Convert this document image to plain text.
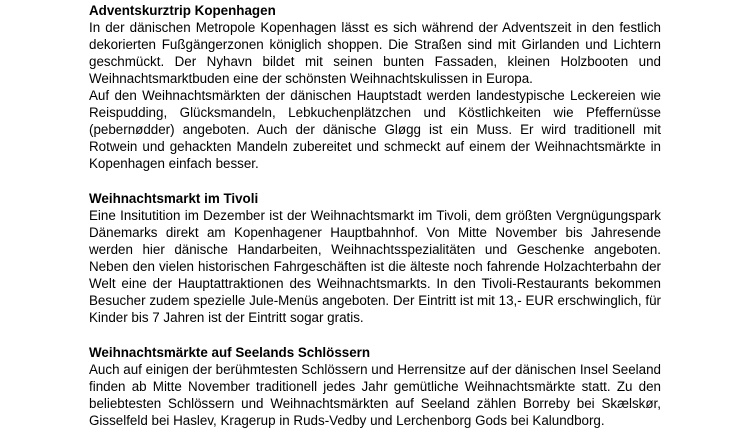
Adventskurztrip Kopenhagen

In der dänischen Metropole Kopenhagen lässt es sich während der Adventszeit in den festlich dekorierten Fußgängerzonen königlich shoppen. Die Straßen sind mit Girlanden und Lichtern geschmückt. Der Nyhavn bildet mit seinen bunten Fassaden, kleinen Holzbooten und Weihnachtsmarktbuden eine der schönsten Weihnachtskulissen in Europa.

Auf den Weihnachtsmärkten der dänischen Hauptstadt werden landestypische Leckereien wie Reispudding, Glücksmandeln, Lebkuchenplätzchen und Köstlichkeiten wie Pfeffernüsse (pebernødder) angeboten. Auch der dänische Gløgg ist ein Muss. Er wird traditionell mit Rotwein und gehackten Mandeln zubereitet und schmeckt auf einem der Weihnachtsmärkte in Kopenhagen einfach besser.

Weihnachtsmarkt im Tivoli

Eine Insitutition im Dezember ist der Weihnachtsmarkt im Tivoli, dem größten Vergnügungspark Dänemarks direkt am Kopenhagener Hauptbahnhof. Von Mitte November bis Jahresende werden hier dänische Handarbeiten, Weihnachtsspezialitäten und Geschenke angeboten. Neben den vielen historischen Fahrgeschäften ist die älteste noch fahrende Holzachterbahn der Welt eine der Hauptattraktionen des Weihnachtsmarkts. In den Tivoli-Restaurants bekommen Besucher zudem spezielle Jule-Menüs angeboten. Der Eintritt ist mit 13,- EUR erschwinglich, für Kinder bis 7 Jahren ist der Eintritt sogar gratis.

Weihnachtsmärkte auf Seelands Schlössern

Auch auf einigen der berühmtesten Schlössern und Herrensitze auf der dänischen Insel Seeland finden ab Mitte November traditionell jedes Jahr gemütliche Weihnachtsmärkte statt. Zu den beliebtesten Schlössern und Weihnachtsmärkten auf Seeland zählen Borreby bei Skælskør, Gisselfeld bei Haslev, Kragerup in Ruds-Vedby und Lerchenborg Gods bei Kalundborg.
